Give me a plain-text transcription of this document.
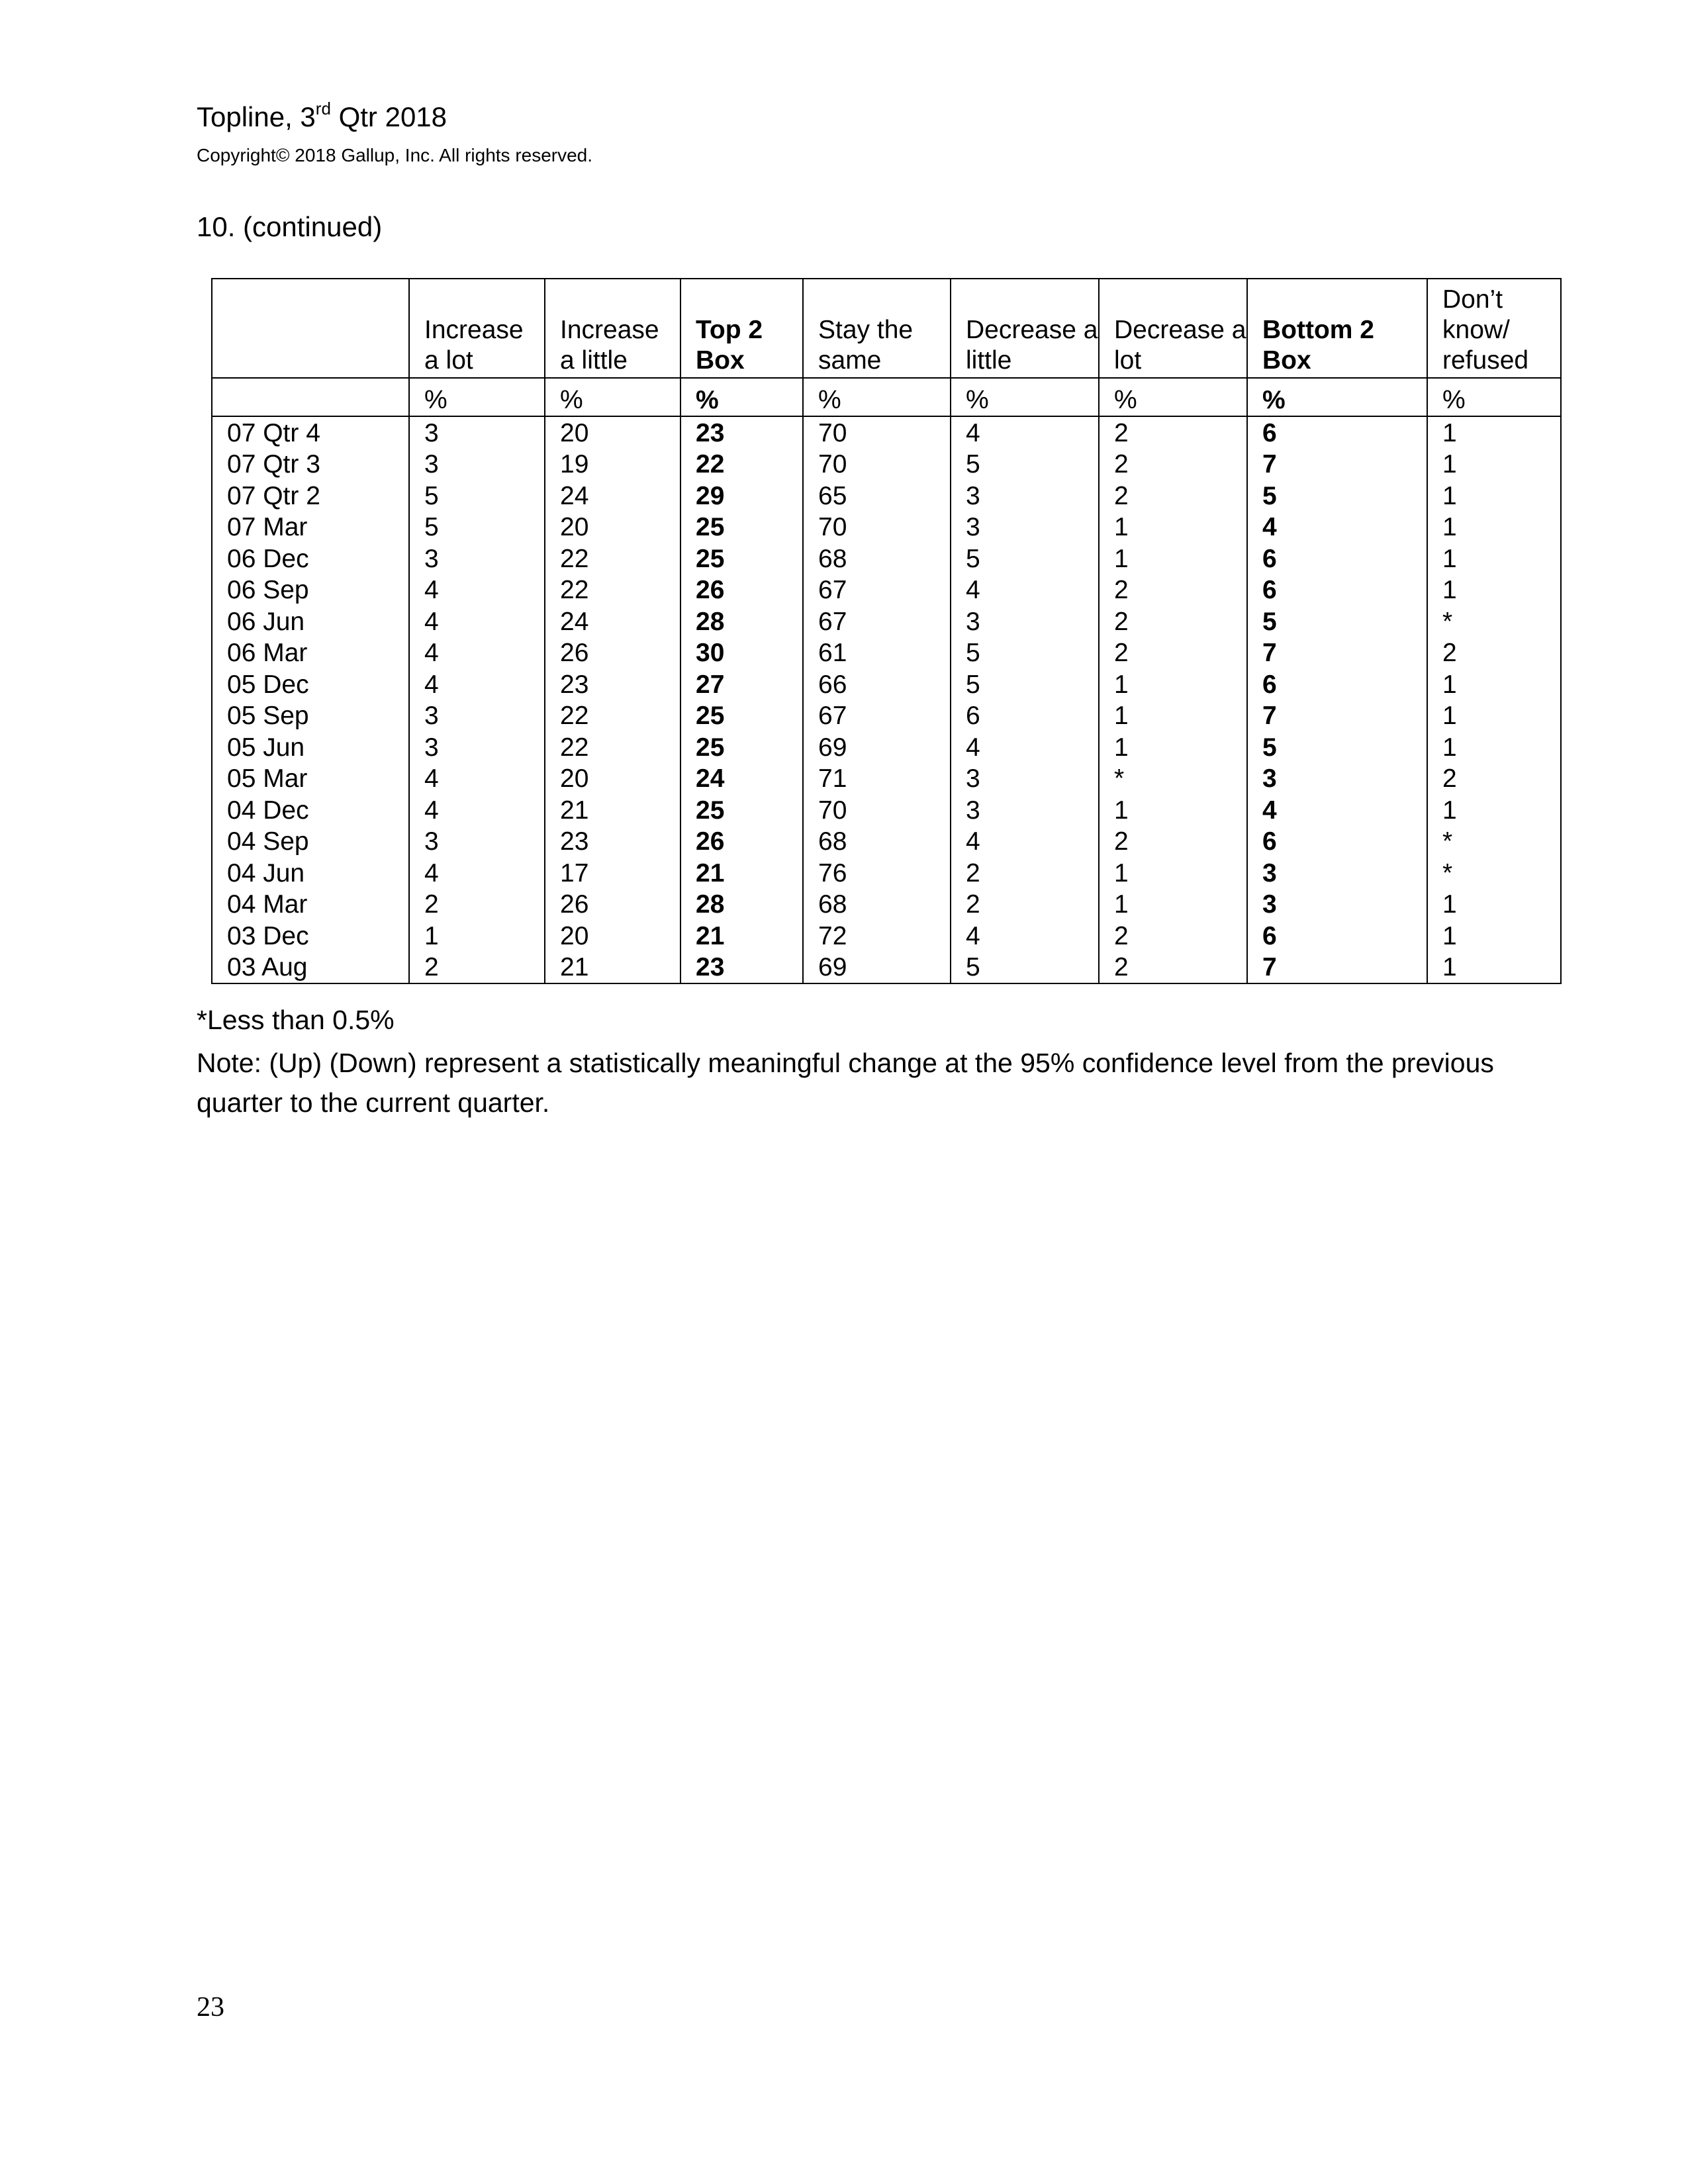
Topline, 3rd Qtr 2018
Copyright© 2018 Gallup, Inc. All rights reserved.
10. (continued)
	Increase a lot	Increase a little	Top 2 Box	Stay the same	Decrease a little	Decrease a lot	Bottom 2 Box	Don’t know/ refused
	%	%	%	%	%	%	%	%
07 Qtr 4	3	20	23	70	4	2	6	1
07 Qtr 3	3	19	22	70	5	2	7	1
07 Qtr 2	5	24	29	65	3	2	5	1
07 Mar	5	20	25	70	3	1	4	1
06 Dec	3	22	25	68	5	1	6	1
06 Sep	4	22	26	67	4	2	6	1
06 Jun	4	24	28	67	3	2	5	*
06 Mar	4	26	30	61	5	2	7	2
05 Dec	4	23	27	66	5	1	6	1
05 Sep	3	22	25	67	6	1	7	1
05 Jun	3	22	25	69	4	1	5	1
05 Mar	4	20	24	71	3	*	3	2
04 Dec	4	21	25	70	3	1	4	1
04 Sep	3	23	26	68	4	2	6	*
04 Jun	4	17	21	76	2	1	3	*
04 Mar	2	26	28	68	2	1	3	1
03 Dec	1	20	21	72	4	2	6	1
03 Aug	2	21	23	69	5	2	7	1
*Less than 0.5%
Note: (Up) (Down) represent a statistically meaningful change at the 95% confidence level from the previous quarter to the current quarter.
23
